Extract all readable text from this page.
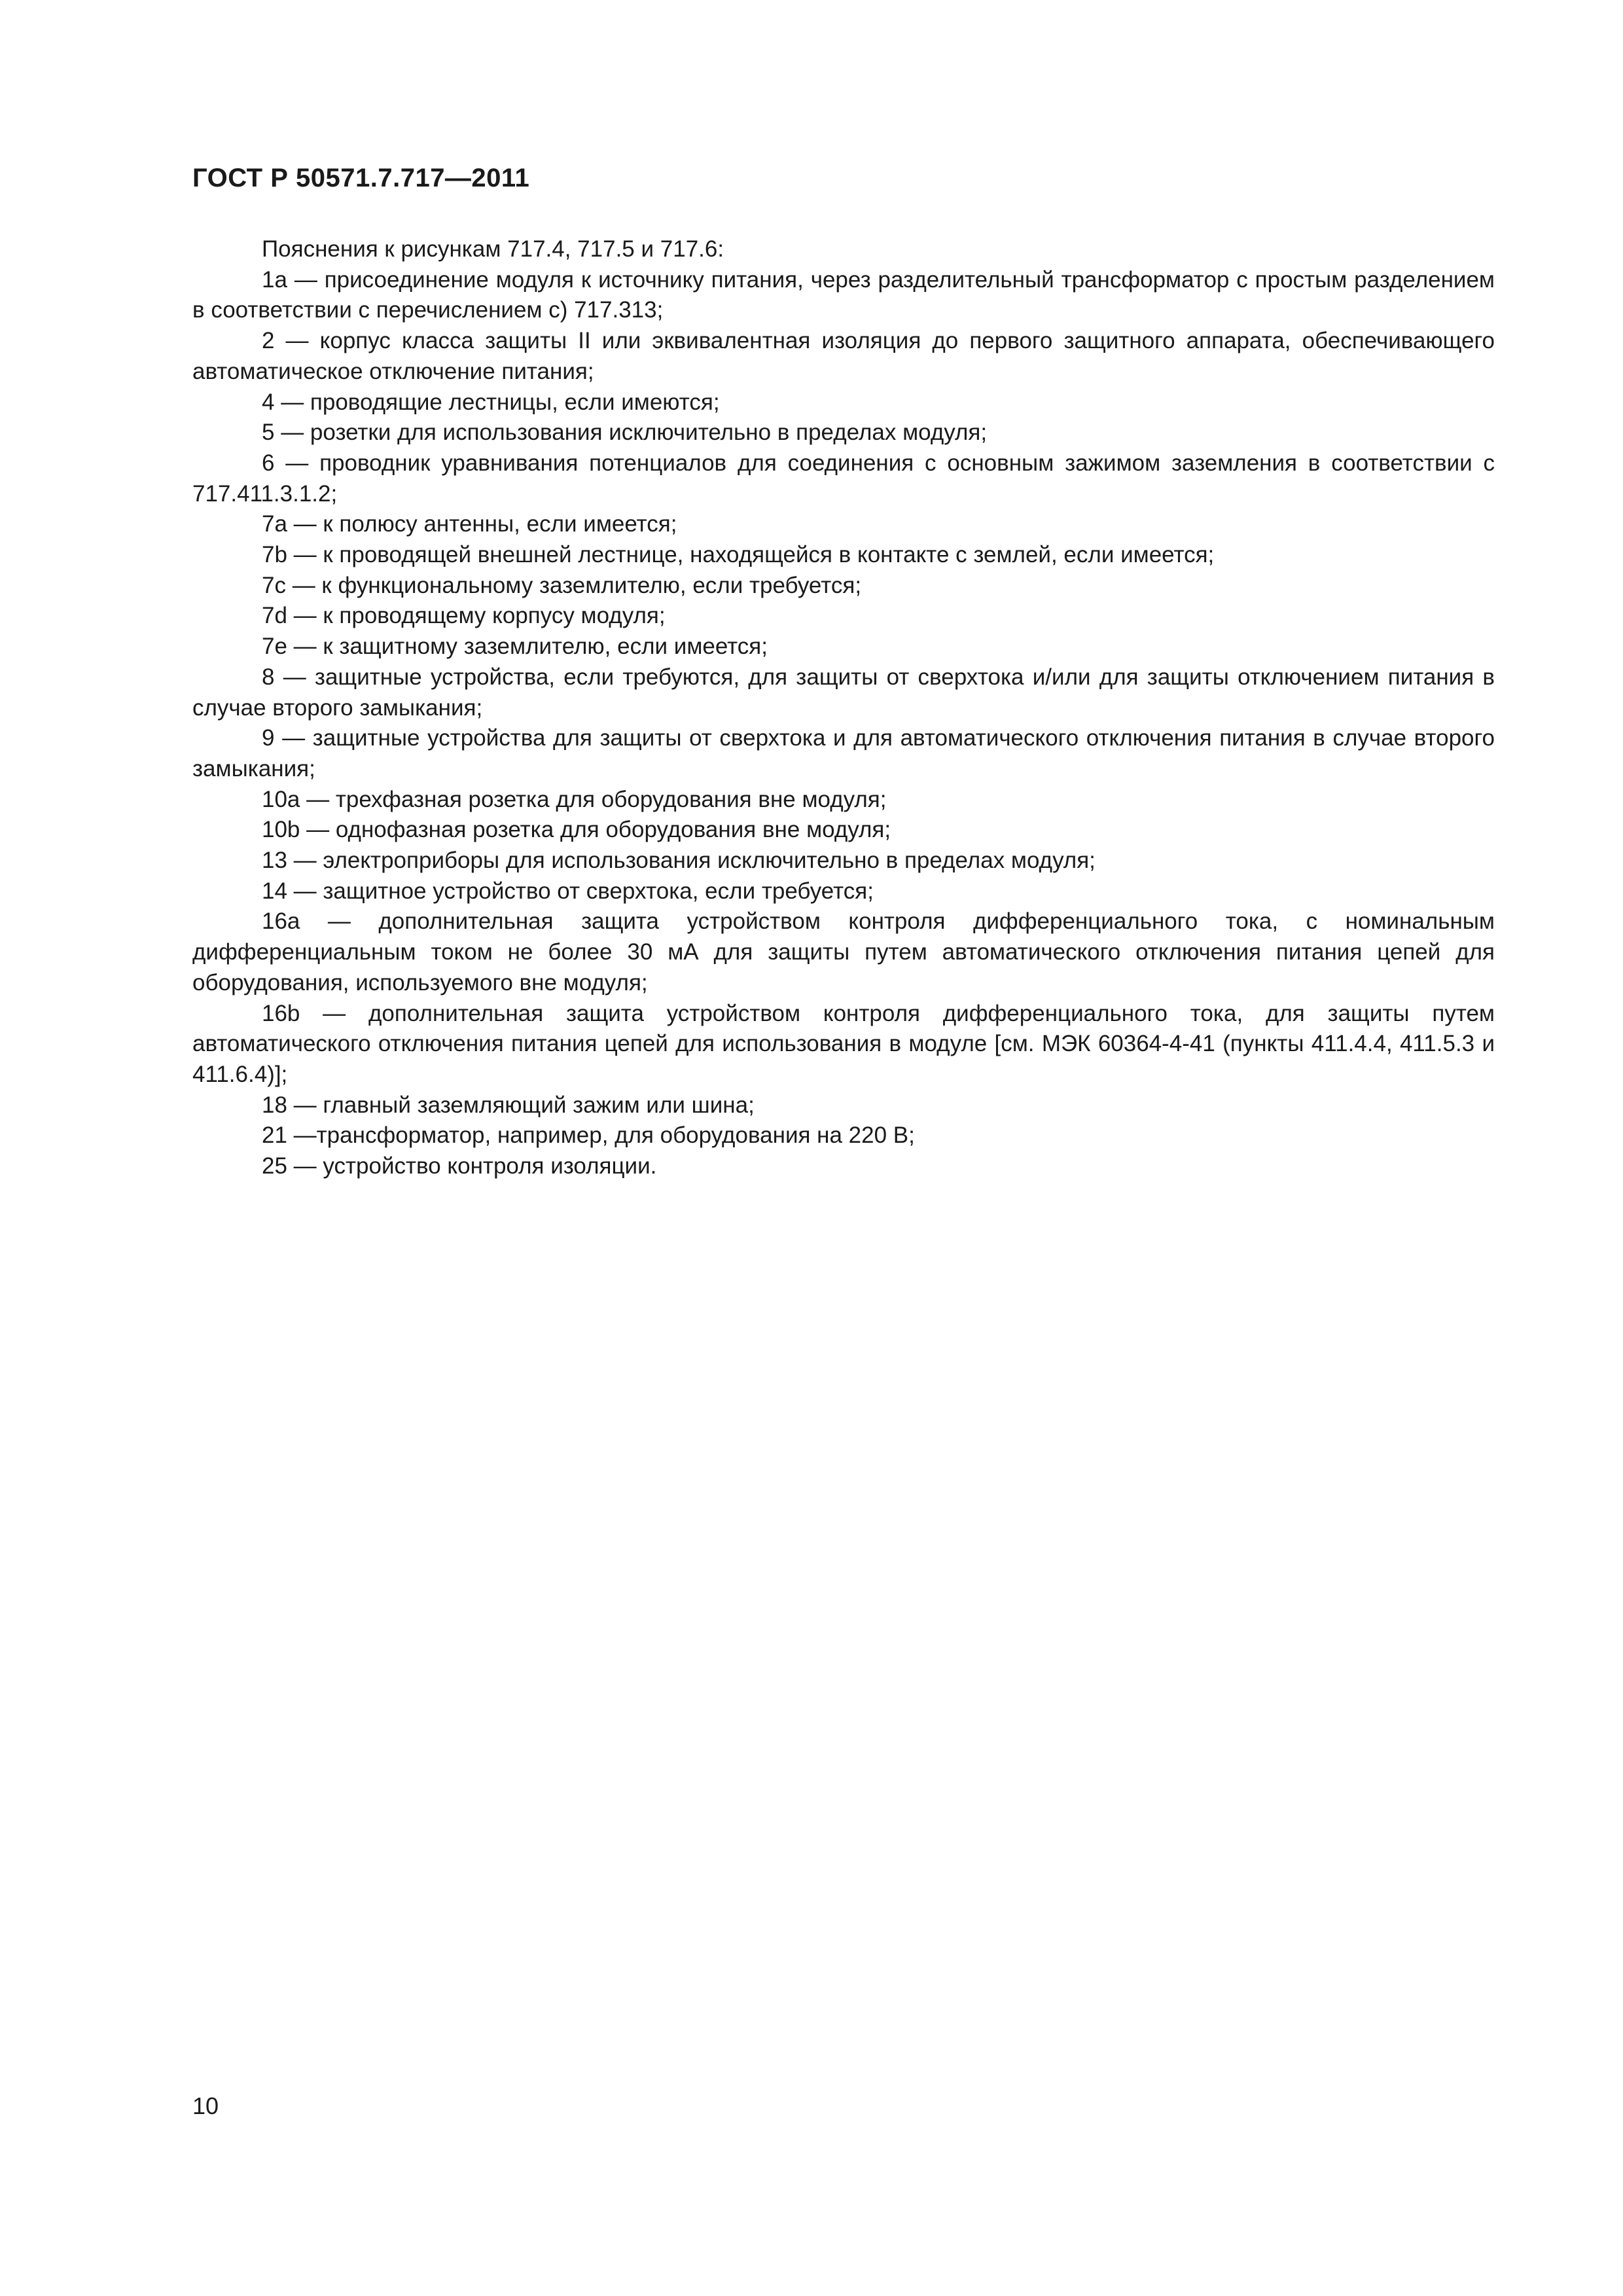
ГОСТ Р 50571.7.717—2011

Пояснения к рисункам 717.4, 717.5 и 717.6:

1а — присоединение модуля к источнику питания, через разделительный трансформатор с простым разделением в соответствии с перечислением с) 717.313;

2 — корпус класса защиты II или эквивалентная изоляция до первого защитного аппарата, обеспечивающего автоматическое отключение питания;

4 — проводящие лестницы, если имеются;

5 — розетки для использования исключительно в пределах модуля;

6 — проводник уравнивания потенциалов для соединения с основным зажимом заземления в соответствии с 717.411.3.1.2;

7а — к полюсу антенны, если имеется;

7b — к проводящей внешней лестнице, находящейся в контакте с землей, если имеется;

7с — к функциональному заземлителю, если требуется;

7d — к проводящему корпусу модуля;

7е — к защитному заземлителю, если имеется;

8 — защитные устройства, если требуются, для защиты от сверхтока и/или для защиты отключением питания в случае второго замыкания;

9 — защитные устройства для защиты от сверхтока и для автоматического отключения питания в случае второго замыкания;

10а — трехфазная розетка для оборудования вне модуля;

10b — однофазная розетка для оборудования вне модуля;

13 — электроприборы для использования исключительно в пределах модуля;

14 — защитное устройство от сверхтока, если требуется;

16а — дополнительная защита устройством контроля дифференциального тока, с номинальным дифференциальным током не более 30 мА для защиты путем автоматического отключения питания цепей для оборудования, используемого вне модуля;

16b — дополнительная защита устройством контроля дифференциального тока, для защиты путем автоматического отключения питания цепей для использования в модуле [см. МЭК 60364-4-41 (пункты 411.4.4, 411.5.3 и 411.6.4)];

18 — главный заземляющий зажим или шина;

21 —трансформатор, например, для оборудования на 220 В;

25 — устройство контроля изоляции.

10
